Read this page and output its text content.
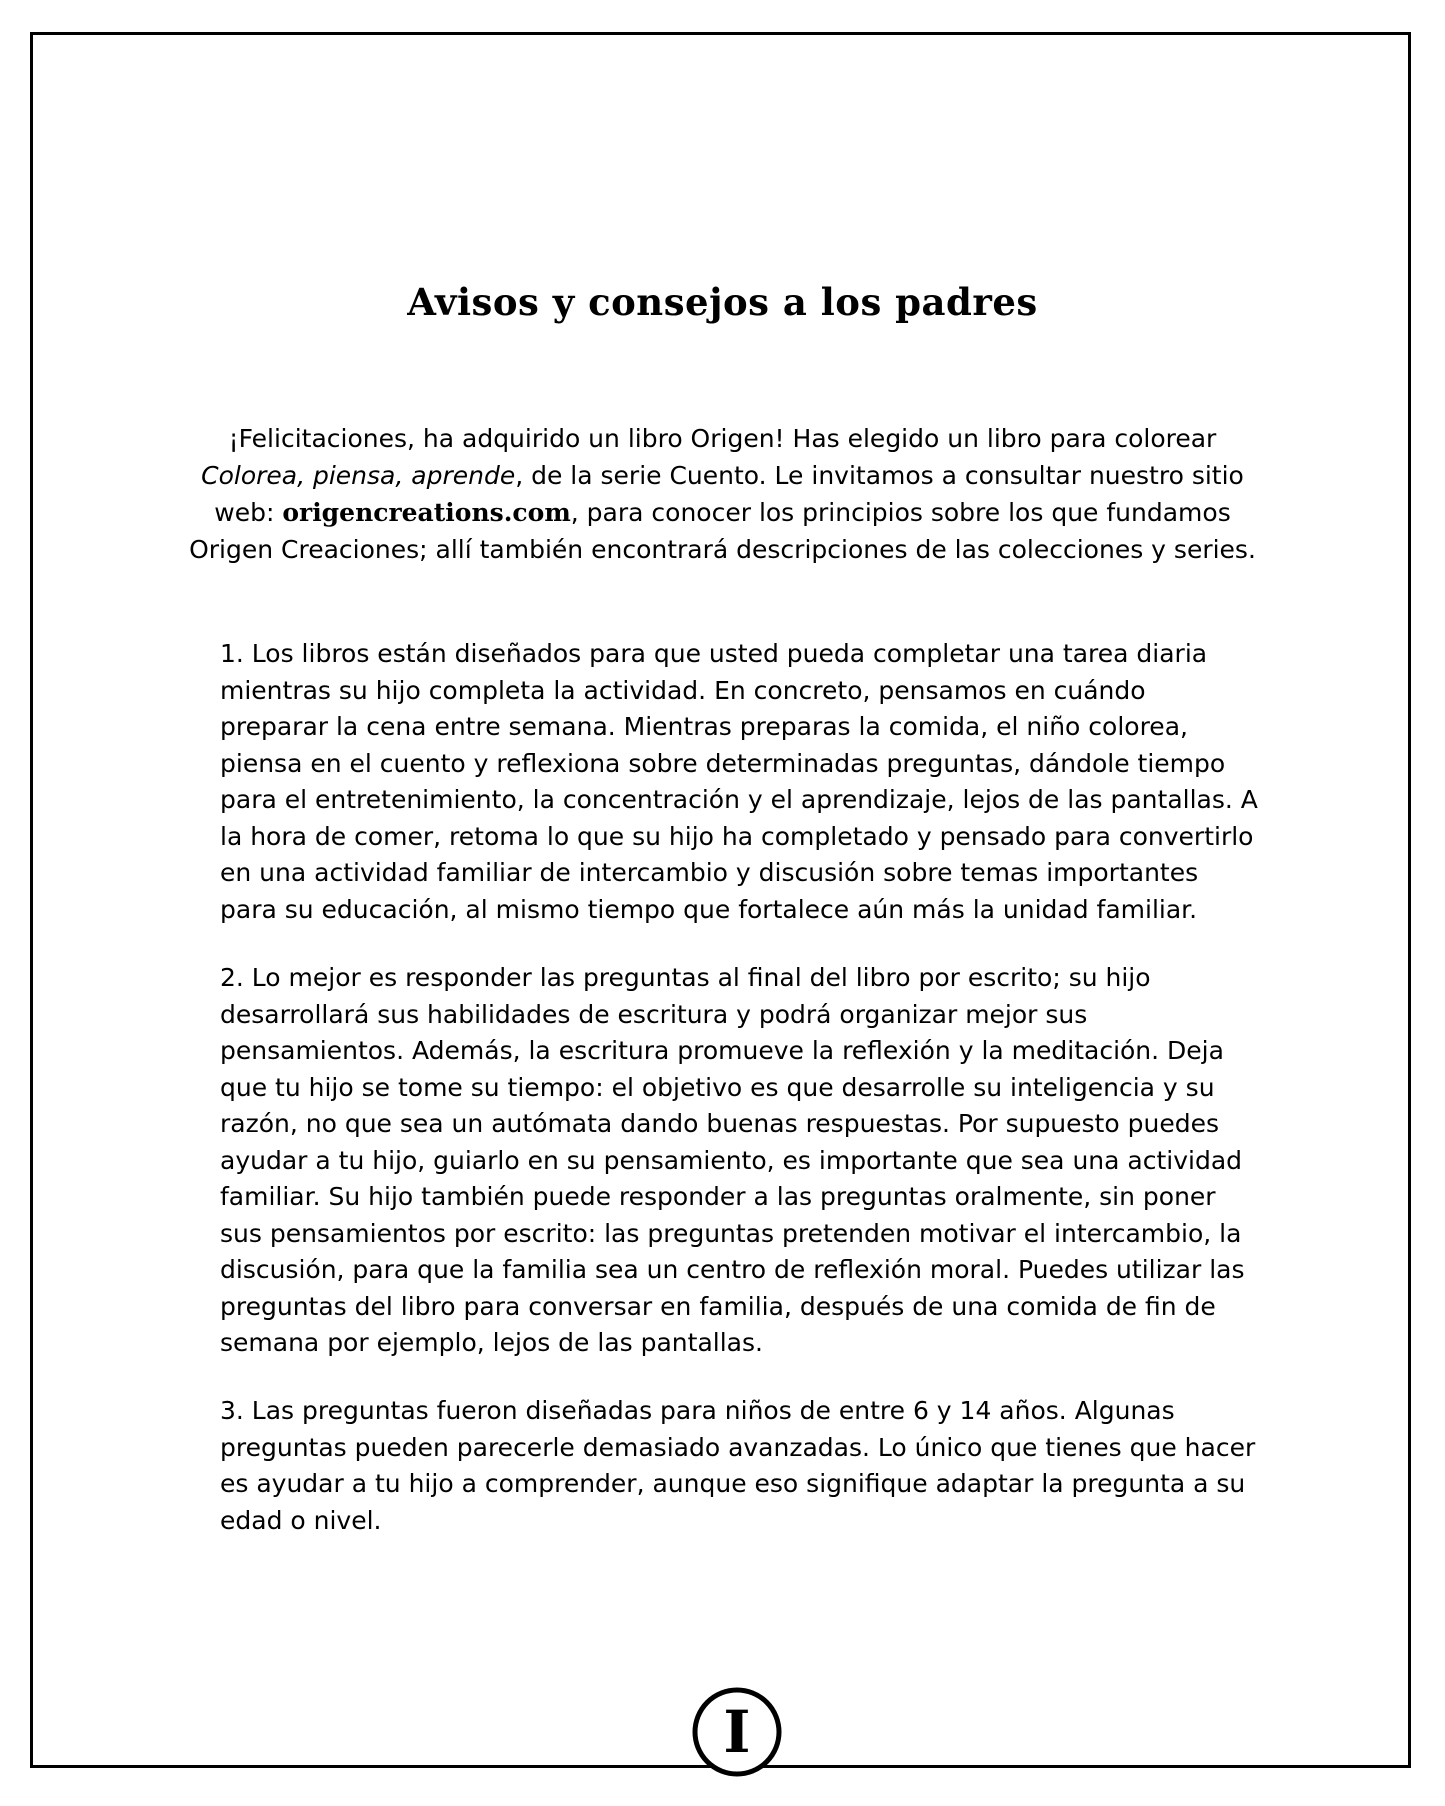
Avisos y consejos a los padres

¡Felicitaciones, ha adquirido un libro Origen! Has elegido un libro para colorear
Colorea, piensa, aprende, de la serie Cuento. Le invitamos a consultar nuestro sitio web: origencreations.com, para conocer los principios sobre los que fundamos Origen Creaciones; allí también encontrará descripciones de las colecciones y series.

1. Los libros están diseñados para que usted pueda completar una tarea diaria mientras su hijo completa la actividad. En concreto, pensamos en cuándo preparar la cena entre semana. Mientras preparas la comida, el niño colorea, piensa en el cuento y reflexiona sobre determinadas preguntas, dándole tiempo para el entretenimiento, la concentración y el aprendizaje, lejos de las pantallas. A la hora de comer, retoma lo que su hijo ha completado y pensado para convertirlo en una actividad familiar de intercambio y discusión sobre temas importantes para su educación, al mismo tiempo que fortalece aún más la unidad familiar.

2. Lo mejor es responder las preguntas al final del libro por escrito; su hijo desarrollará sus habilidades de escritura y podrá organizar mejor sus pensamientos. Además, la escritura promueve la reflexión y la meditación. Deja que tu hijo se tome su tiempo: el objetivo es que desarrolle su inteligencia y su razón, no que sea un autómata dando buenas respuestas. Por supuesto puedes ayudar a tu hijo, guiarlo en su pensamiento, es importante que sea una actividad familiar. Su hijo también puede responder a las preguntas oralmente, sin poner sus pensamientos por escrito: las preguntas pretenden motivar el intercambio, la discusión, para que la familia sea un centro de reflexión moral. Puedes utilizar las preguntas del libro para conversar en familia, después de una comida de fin de semana por ejemplo, lejos de las pantallas.

3. Las preguntas fueron diseñadas para niños de entre 6 y 14 años. Algunas preguntas pueden parecerle demasiado avanzadas. Lo único que tienes que hacer es ayudar a tu hijo a comprender, aunque eso signifique adaptar la pregunta a su edad o nivel.

I
